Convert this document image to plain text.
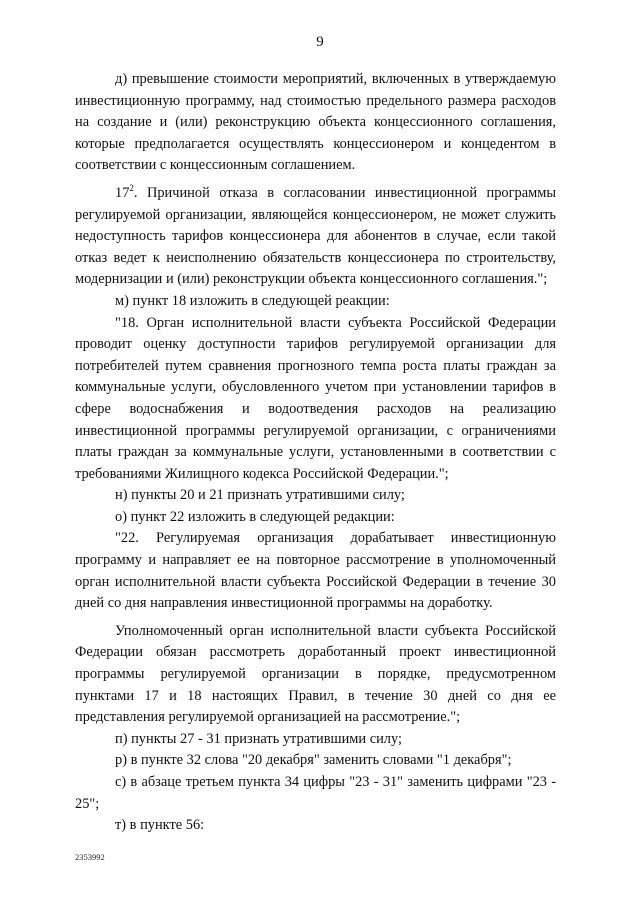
9

д) превышение стоимости мероприятий, включенных в утверждаемую инвестиционную программу, над стоимостью предельного размера расходов на создание и (или) реконструкцию объекта концессионного соглашения, которые предполагается осуществлять концессионером и концедентом в соответствии с концессионным соглашением.

$17^2$. Причиной отказа в согласовании инвестиционной программы регулируемой организации, являющейся концессионером, не может служить недоступность тарифов концессионера для абонентов в случае, если такой отказ ведет к неисполнению обязательств концессионера по строительству, модернизации и (или) реконструкции объекта концессионного соглашения.";

м) пункт 18 изложить в следующей реакции:

"18. Орган исполнительной власти субъекта Российской Федерации проводит оценку доступности тарифов регулируемой организации для потребителей путем сравнения прогнозного темпа роста платы граждан за коммунальные услуги, обусловленного учетом при установлении тарифов в сфере водоснабжения и водоотведения расходов на реализацию инвестиционной программы регулируемой организации, с ограничениями платы граждан за коммунальные услуги, установленными в соответствии с требованиями Жилищного кодекса Российской Федерации.";

н) пункты 20 и 21 признать утратившими силу;

о) пункт 22 изложить в следующей редакции:

"22. Регулируемая организация дорабатывает инвестиционную программу и направляет ее на повторное рассмотрение в уполномоченный орган исполнительной власти субъекта Российской Федерации в течение 30 дней со дня направления инвестиционной программы на доработку.

Уполномоченный орган исполнительной власти субъекта Российской Федерации обязан рассмотреть доработанный проект инвестиционной программы регулируемой организации в порядке, предусмотренном пунктами 17 и 18 настоящих Правил, в течение 30 дней со дня ее представления регулируемой организацией на рассмотрение.";

п) пункты 27 - 31 признать утратившими силу;

р) в пункте 32 слова "20 декабря" заменить словами "1 декабря";

с) в абзаце третьем пункта 34 цифры "23 - 31" заменить цифрами "23 - 25";

т) в пункте 56:

2353992
